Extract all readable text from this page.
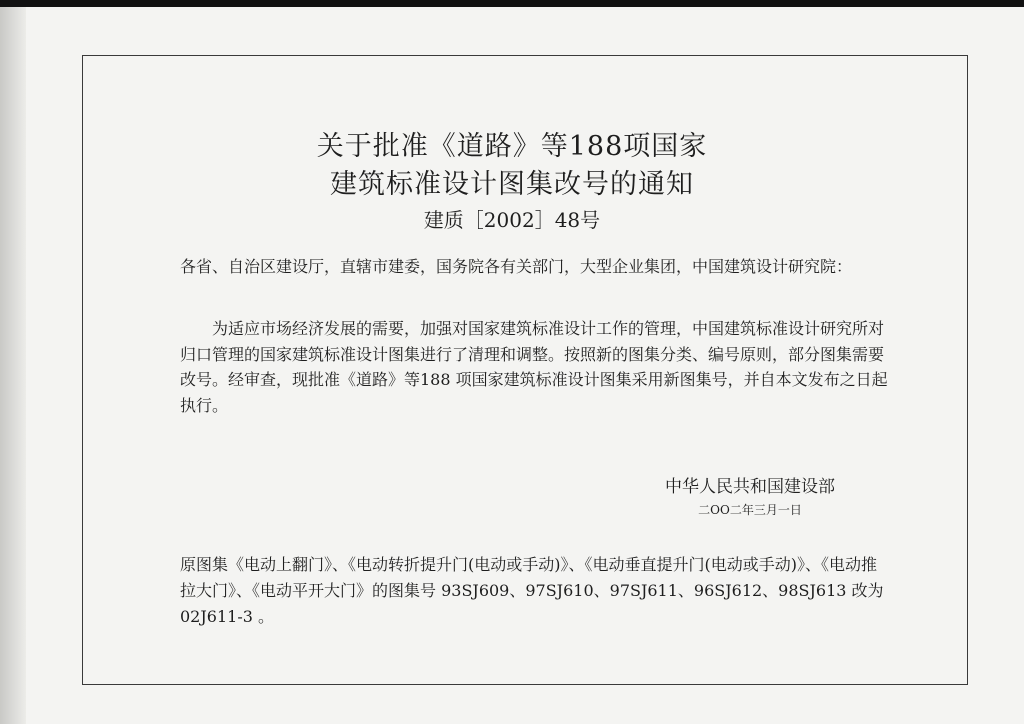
关于批准《道路》等188项国家
建筑标准设计图集改号的通知
建质［2002］48号
各省、自治区建设厅，直辖市建委，国务院各有关部门，大型企业集团，中国建筑设计研究院：
为适应市场经济发展的需要，加强对国家建筑标准设计工作的管理，中国建筑标准设计研究所对归口管理的国家建筑标准设计图集进行了清理和调整。按照新的图集分类、编号原则，部分图集需要改号。经审查，现批准《道路》等188 项国家建筑标准设计图集采用新图集号，并自本文发布之日起执行。
中华人民共和国建设部
二OO二年三月一日
原图集《电动上翻门》、《电动转折提升门(电动或手动)》、《电动垂直提升门(电动或手动)》、《电动推拉大门》、《电动平开大门》的图集号 93SJ609、97SJ610、97SJ611、96SJ612、98SJ613 改为 02J611-3 。
